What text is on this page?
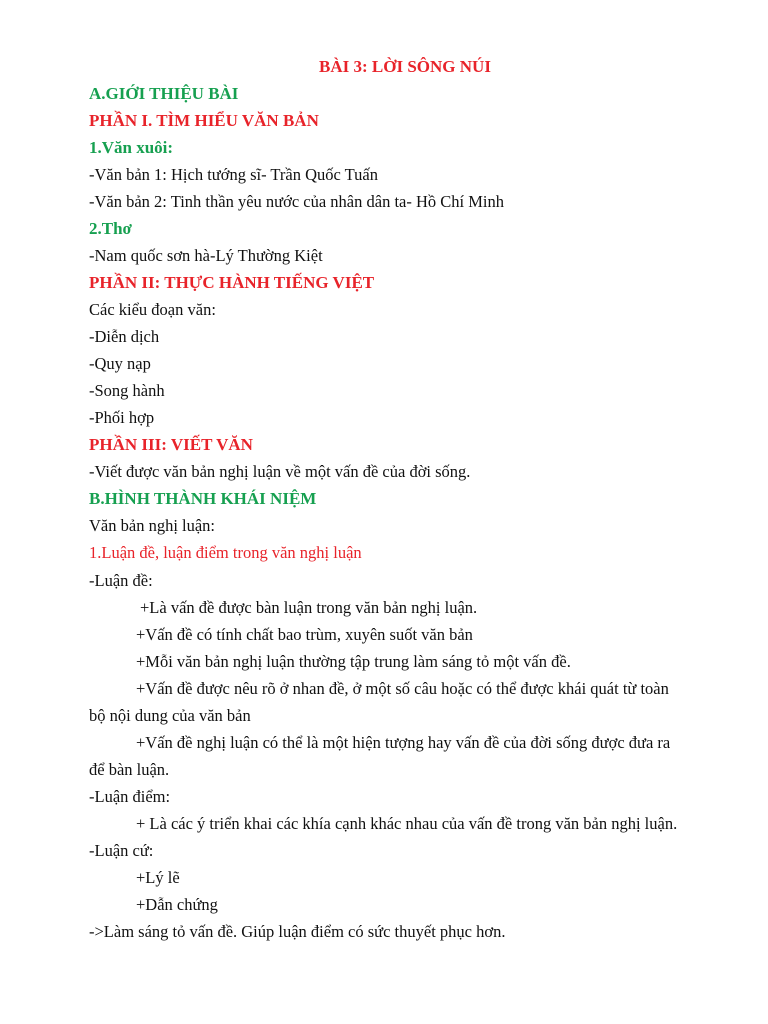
BÀI 3: LỜI SÔNG NÚI
A.GIỚI THIỆU BÀI
PHẦN I. TÌM HIỂU VĂN BẢN
1.Văn xuôi:
-Văn bản 1: Hịch tướng sĩ- Trần Quốc Tuấn
-Văn bản 2: Tinh thần yêu nước của nhân dân ta- Hồ Chí Minh
2.Thơ
-Nam quốc sơn hà-Lý Thường Kiệt
PHẦN II: THỰC HÀNH TIẾNG VIỆT
Các kiểu đoạn văn:
-Diễn dịch
-Quy nạp
-Song hành
-Phối hợp
PHẦN III: VIẾT VĂN
-Viết được văn bản nghị luận về một vấn đề của đời sống.
B.HÌNH THÀNH KHÁI NIỆM
Văn bản nghị luận:
1.Luận đề, luận điểm trong văn nghị luận
-Luận đề:
+Là vấn đề được bàn luận trong văn bản nghị luận.
+Vấn đề có tính chất bao trùm, xuyên suốt văn bản
+Mỗi văn bản nghị luận thường tập trung làm sáng tỏ một vấn đề.
+Vấn đề được nêu rõ ở nhan đề, ở một số câu hoặc có thể được khái quát từ toàn
bộ nội dung của văn bản
+Vấn đề nghị luận có thể là một hiện tượng hay vấn đề của đời sống được đưa ra
để bàn luận.
-Luận điểm:
+ Là các ý triển khai các khía cạnh khác nhau của vấn đề trong văn bản nghị luận.
-Luận cứ:
+Lý lẽ
+Dẫn chứng
->Làm sáng tỏ vấn đề. Giúp luận điểm có sức thuyết phục hơn.
